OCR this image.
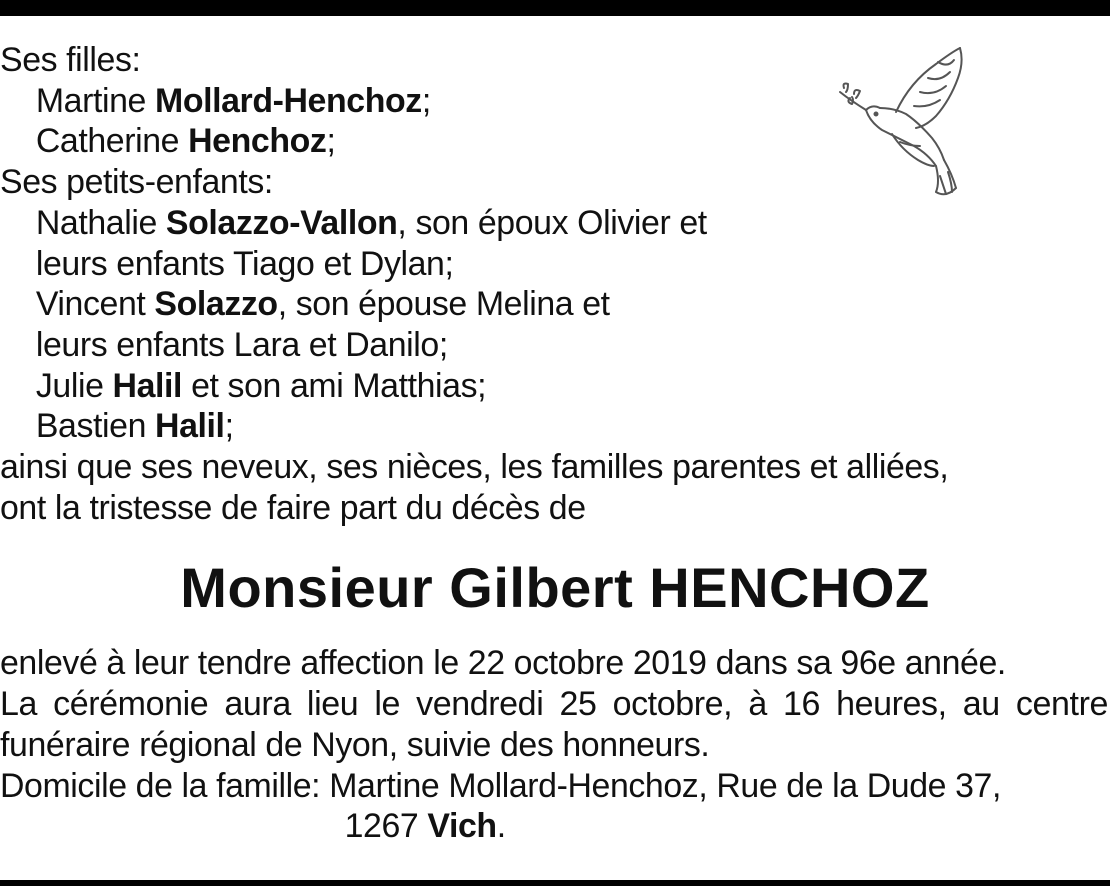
Ses filles:
Martine Mollard-Henchoz;
Catherine Henchoz;
Ses petits-enfants:
Nathalie Solazzo-Vallon, son époux Olivier et
leurs enfants Tiago et Dylan;
Vincent Solazzo, son épouse Melina et
leurs enfants Lara et Danilo;
Julie Halil et son ami Matthias;
Bastien Halil;
ainsi que ses neveux, ses nièces, les familles parentes et alliées,
ont la tristesse de faire part du décès de
Monsieur Gilbert HENCHOZ
enlevé à leur tendre affection le 22 octobre 2019 dans sa 96e année.
La cérémonie aura lieu le vendredi 25 octobre, à 16 heures, au centre
funéraire régional de Nyon, suivie des honneurs.
Domicile de la famille: Martine Mollard-Henchoz, Rue de la Dude 37,
1267 Vich.
